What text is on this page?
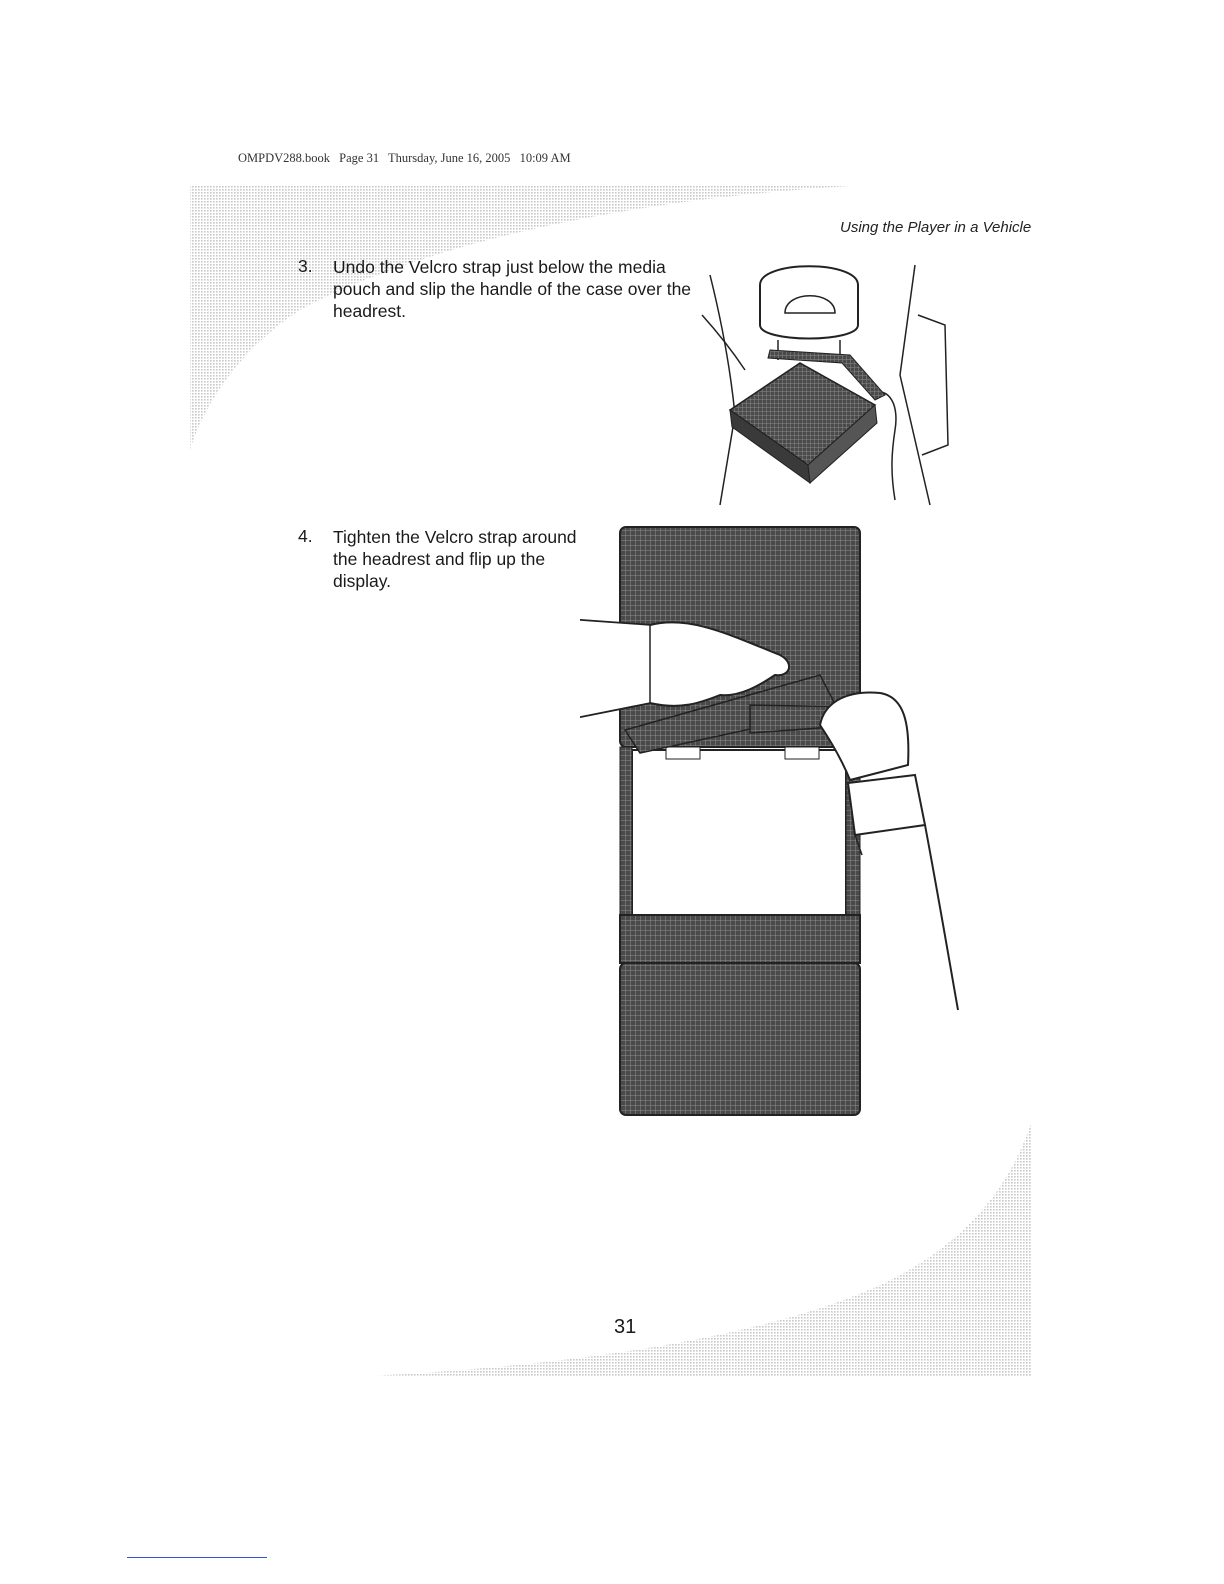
OMPDV288.book Page 31 Thursday, June 16, 2005 10:09 AM
Using the Player in a Vehicle
3. Undo the Velcro strap just below the media pouch and slip the handle of the case over the headrest.
4. Tighten the Velcro strap around the headrest and flip up the display.
31
